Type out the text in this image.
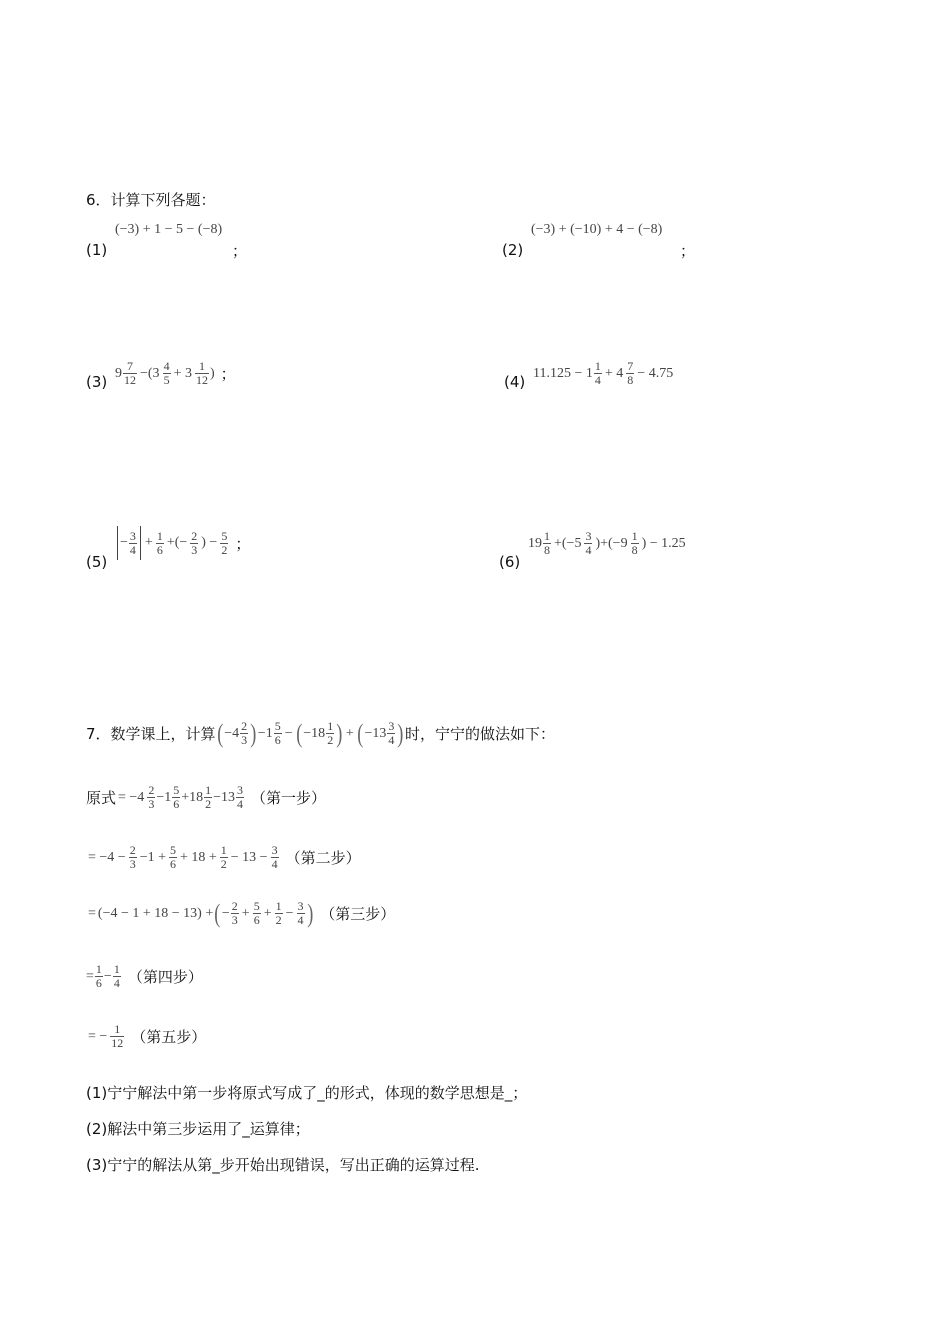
6．计算下列各题：
(1)
(−3) + 1 − 5 − (−8)
；	(2)
(−3) + (−10) + 4 − (−8)
；
(3) $9 \frac{7}{12} -(3 \frac{4}{5} + 3 \frac{1}{12}$ ) ；	(4) $11.125 - 1 \frac{1}{4} + 4 \frac{7}{8} - 4.75$
(5)
− $\frac{3}{4} + \frac{1}{6}$ +(− $\frac{2}{3}$ ) − $\frac{5}{2}$ ；
(6)
$19 \frac{1}{8} +(-5 \frac{3}{4} )+(-9 \frac{1}{8}$ ) − 1.25
7．数学课上，计算 ( $-4 \frac{2}{3}$ ) $-1 \frac{5}{6}$ − ( $-18 \frac{1}{2}$ ) + ( $-13 \frac{3}{4}$ ) 时，宁宁的做法如下：
原式 = $-4 \frac{2}{3} -1 \frac{5}{6} +18 \frac{1}{2} -13 \frac{3}{4}$ （第一步）
= $-4 - \frac{2}{3} -1 + \frac{5}{6} + 18 + \frac{1}{2} - 13 - \frac{3}{4}$ （第二步）
= (−4 − 1 + 18 − 13) + ( − $\frac{2}{3} + \frac{5}{6} + \frac{1}{2} - \frac{3}{4}$ ) （第三步）
= $\frac{1}{6} - \frac{1}{4}$ （第四步）
= − $\frac{1}{12}$ （第五步）
(1)宁宁解法中第一步将原式写成了_的形式，体现的数学思想是_；
(2)解法中第三步运用了_运算律；
(3)宁宁的解法从第_步开始出现错误，写出正确的运算过程.
